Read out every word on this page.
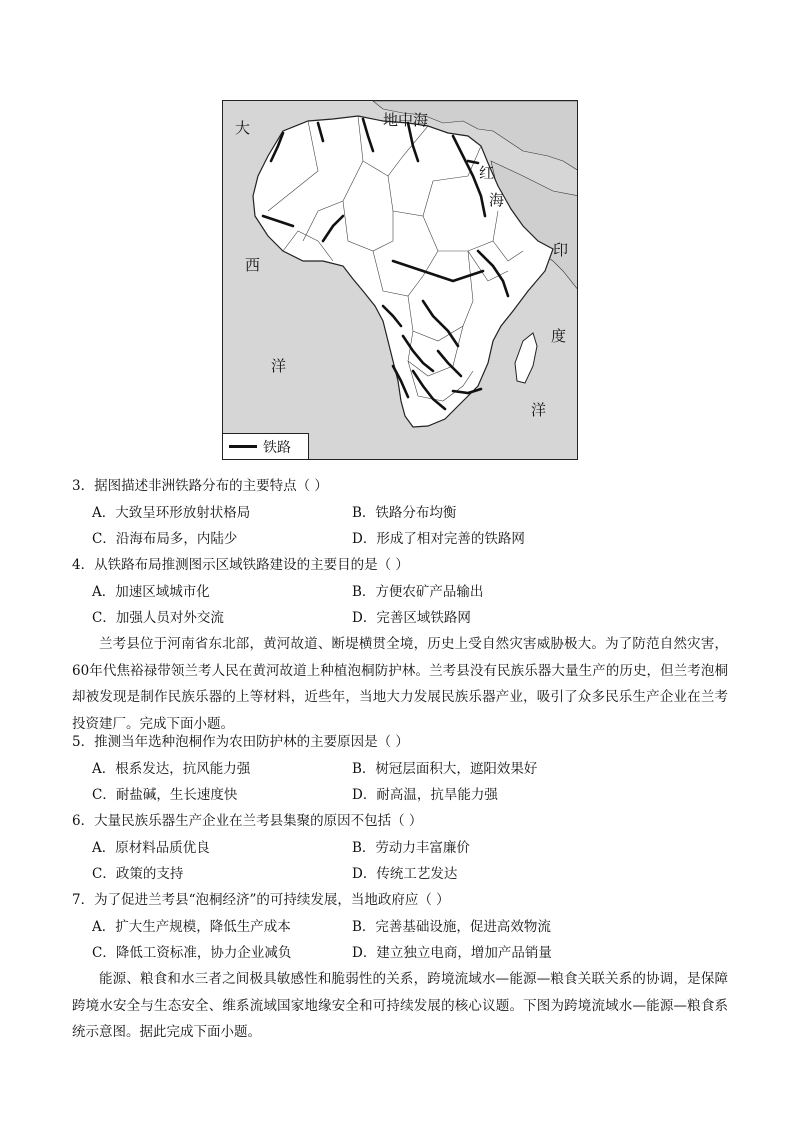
大	地中海
红
海
西
洋
印
度
洋
铁路
3．据图描述非洲铁路分布的主要特点（ ）
A．大致呈环形放射状格局	B．铁路分布均衡
C．沿海布局多，内陆少	D．形成了相对完善的铁路网
4．从铁路布局推测图示区域铁路建设的主要目的是（ ）
A．加速区域城市化	B．方便农矿产品输出
C．加强人员对外交流	D．完善区域铁路网

兰考县位于河南省东北部，黄河故道、断堤横贯全境，历史上受自然灾害威胁极大。为了防范自然灾害，60年代焦裕禄带领兰考人民在黄河故道上种植泡桐防护林。兰考县没有民族乐器大量生产的历史，但兰考泡桐却被发现是制作民族乐器的上等材料，近些年，当地大力发展民族乐器产业，吸引了众多民乐生产企业在兰考投资建厂。完成下面小题。

5．推测当年选种泡桐作为农田防护林的主要原因是（ ）
A．根系发达，抗风能力强	B．树冠层面积大，遮阳效果好
C．耐盐碱，生长速度快	D．耐高温，抗旱能力强
6．大量民族乐器生产企业在兰考县集聚的原因不包括（ ）
A．原材料品质优良	B．劳动力丰富廉价
C．政策的支持	D．传统工艺发达
7．为了促进兰考县“泡桐经济”的可持续发展，当地政府应（ ）
A．扩大生产规模，降低生产成本	B．完善基础设施，促进高效物流
C．降低工资标准，协力企业减负	D．建立独立电商，增加产品销量

能源、粮食和水三者之间极具敏感性和脆弱性的关系，跨境流域水—能源—粮食关联关系的协调，是保障跨境水安全与生态安全、维系流域国家地缘安全和可持续发展的核心议题。下图为跨境流域水—能源—粮食系统示意图。据此完成下面小题。
